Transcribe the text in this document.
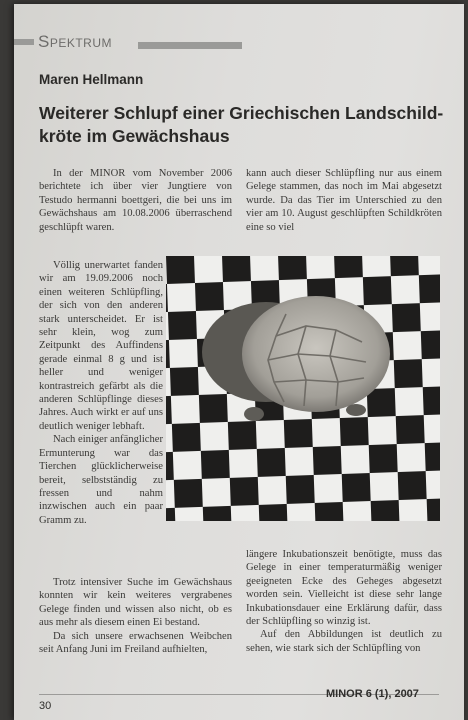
Spektrum
Maren Hellmann
Weiterer Schlupf einer Griechischen Landschild-
kröte im Gewächshaus

In der MINOR vom November 2006 berichtete ich über vier Jungtiere von Testudo hermanni boettgeri, die bei uns im Gewächshaus am 10.08.2006 überraschend geschlüpft waren.

kann auch dieser Schlüpfling nur aus einem Gelege stammen, das noch im Mai abgesetzt wurde. Da das Tier im Unterschied zu den vier am 10. August geschlüpften Schildkröten eine so viel

Völlig unerwartet fanden wir am 19.09.2006 noch einen weiteren Schlüpfling, der sich von den anderen stark unterscheidet. Er ist sehr klein, wog zum Zeitpunkt des Auffindens gerade einmal 8 g und ist heller und weniger kontrastreich gefärbt als die anderen Schlüpflinge dieses Jahres. Auch wirkt er auf uns deutlich weniger lebhaft.

Nach einiger anfänglicher Ermunterung war das Tierchen glücklicherweise bereit, selbstständig zu fressen und nahm inzwischen auch ein paar Gramm zu.

Trotz intensiver Suche im Gewächshaus konnten wir kein weiteres vergrabenes Gelege finden und wissen also nicht, ob es aus mehr als diesem einen Ei bestand.

Da sich unsere erwachsenen Weibchen seit Anfang Juni im Freiland aufhielten,

längere Inkubationszeit benötigte, muss das Gelege in einer temperaturmäßig weniger geeigneten Ecke des Geheges abgesetzt worden sein. Vielleicht ist diese sehr lange Inkubationsdauer eine Erklärung dafür, dass der Schlüpfling so winzig ist.

Auf den Abbildungen ist deutlich zu sehen, wie stark sich der Schlüpfling von

30
MINOR 6 (1), 2007
